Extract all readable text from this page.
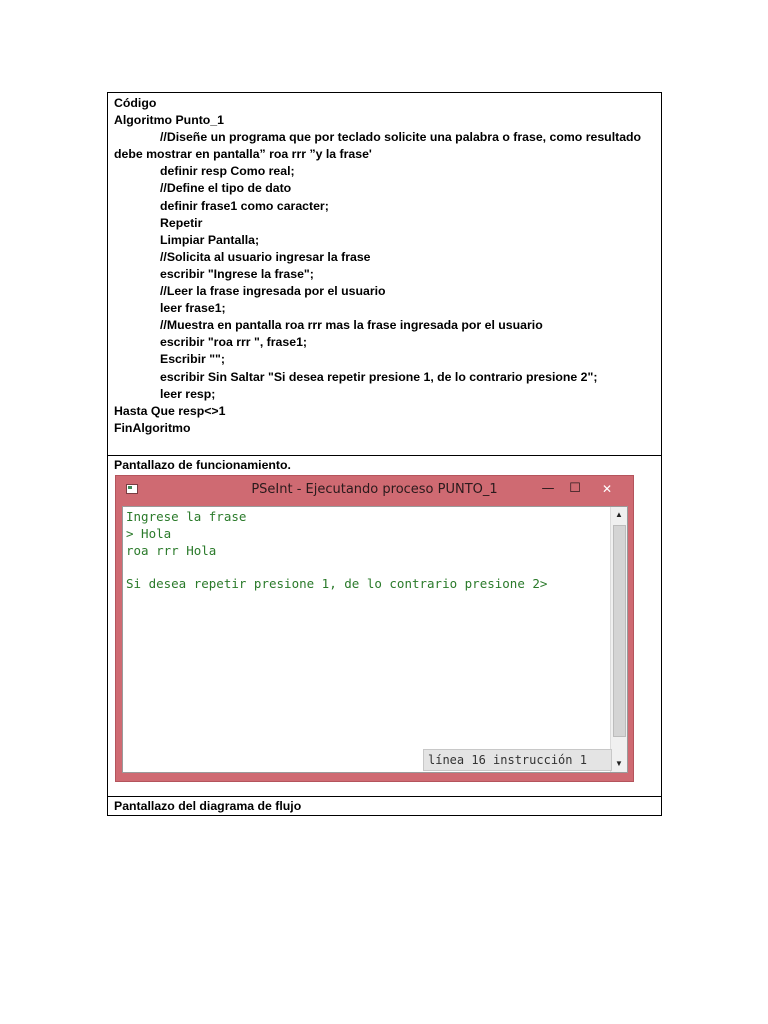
Código
Algoritmo Punto_1
//Diseñe un programa que por teclado solicite una palabra o frase, como resultado
debe mostrar en pantalla” roa rrr ”y la frase'
definir resp Como real;
//Define el tipo de dato
definir frase1 como caracter;
Repetir
Limpiar Pantalla;
//Solicita al usuario ingresar la frase
escribir "Ingrese la frase";
//Leer la frase ingresada por el usuario
leer frase1;
//Muestra en pantalla roa rrr mas la frase ingresada por el usuario
escribir "roa rrr ", frase1;
Escribir "";
escribir Sin Saltar "Si desea repetir presione 1, de lo contrario presione 2";
leer resp;
Hasta Que resp<>1
FinAlgoritmo

Pantallazo de funcionamiento.
PSeInt - Ejecutando proceso PUNTO_1	—	☐	✕
Ingrese la frase
> Hola
roa rrr Hola
Si desea repetir presione 1, de lo contrario presione 2>
▲
▼
línea 16 instrucción 1

Pantallazo del diagrama de flujo
